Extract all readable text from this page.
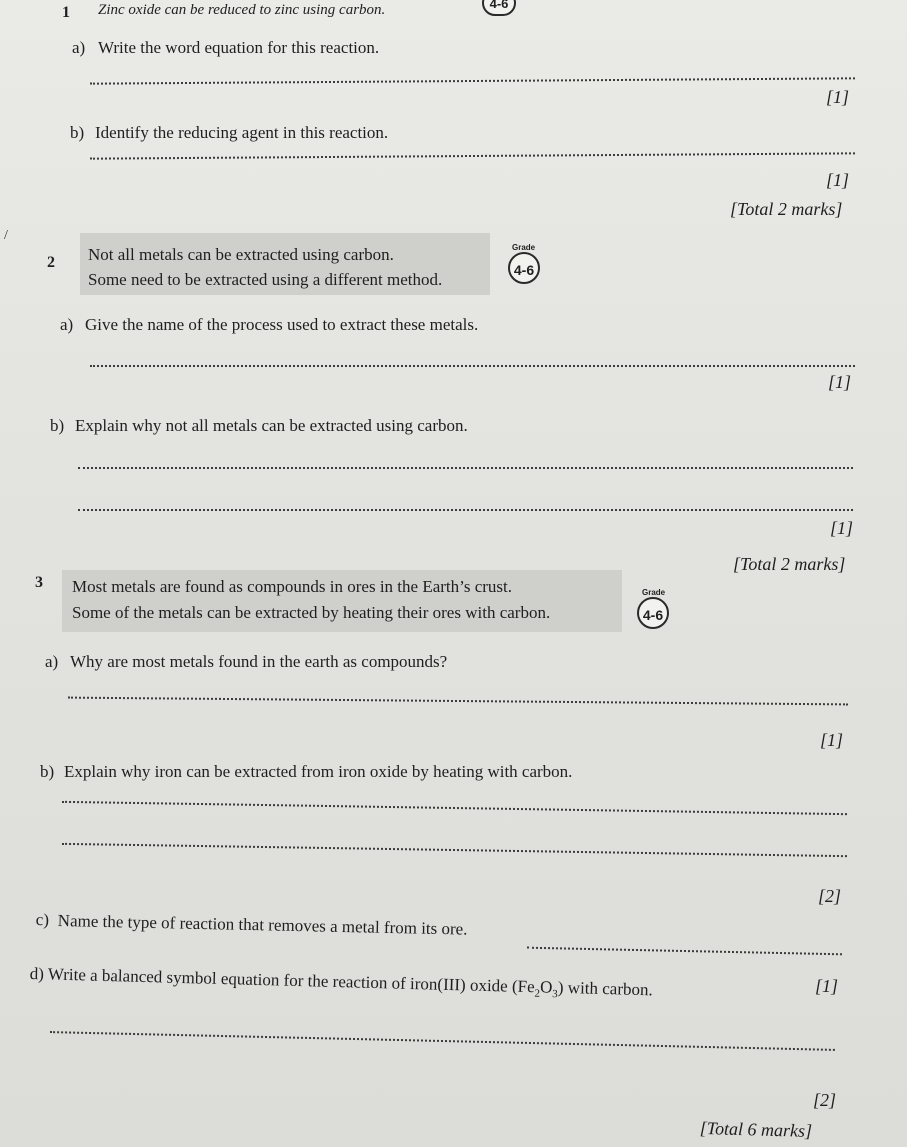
1 Zinc oxide can be reduced to zinc using carbon.	4-6
a) Write the word equation for this reaction.
[1]
b) Identify the reducing agent in this reaction.
[1]
[Total 2 marks]
/
2 Not all metals can be extracted using carbon.
Some need to be extracted using a different method.
Grade
4-6
a) Give the name of the process used to extract these metals.
[1]
b) Explain why not all metals can be extracted using carbon.
[1]
[Total 2 marks]
3 Most metals are found as compounds in ores in the Earth’s crust.
Some of the metals can be extracted by heating their ores with carbon.
Grade
4-6
a) Why are most metals found in the earth as compounds?
[1]
b) Explain why iron can be extracted from iron oxide by heating with carbon.
[2]
c) Name the type of reaction that removes a metal from its ore.
[1]
d) Write a balanced symbol equation for the reaction of iron(III) oxide $(Fe_2O_3)$ with carbon.
[2]
[Total 6 marks]
